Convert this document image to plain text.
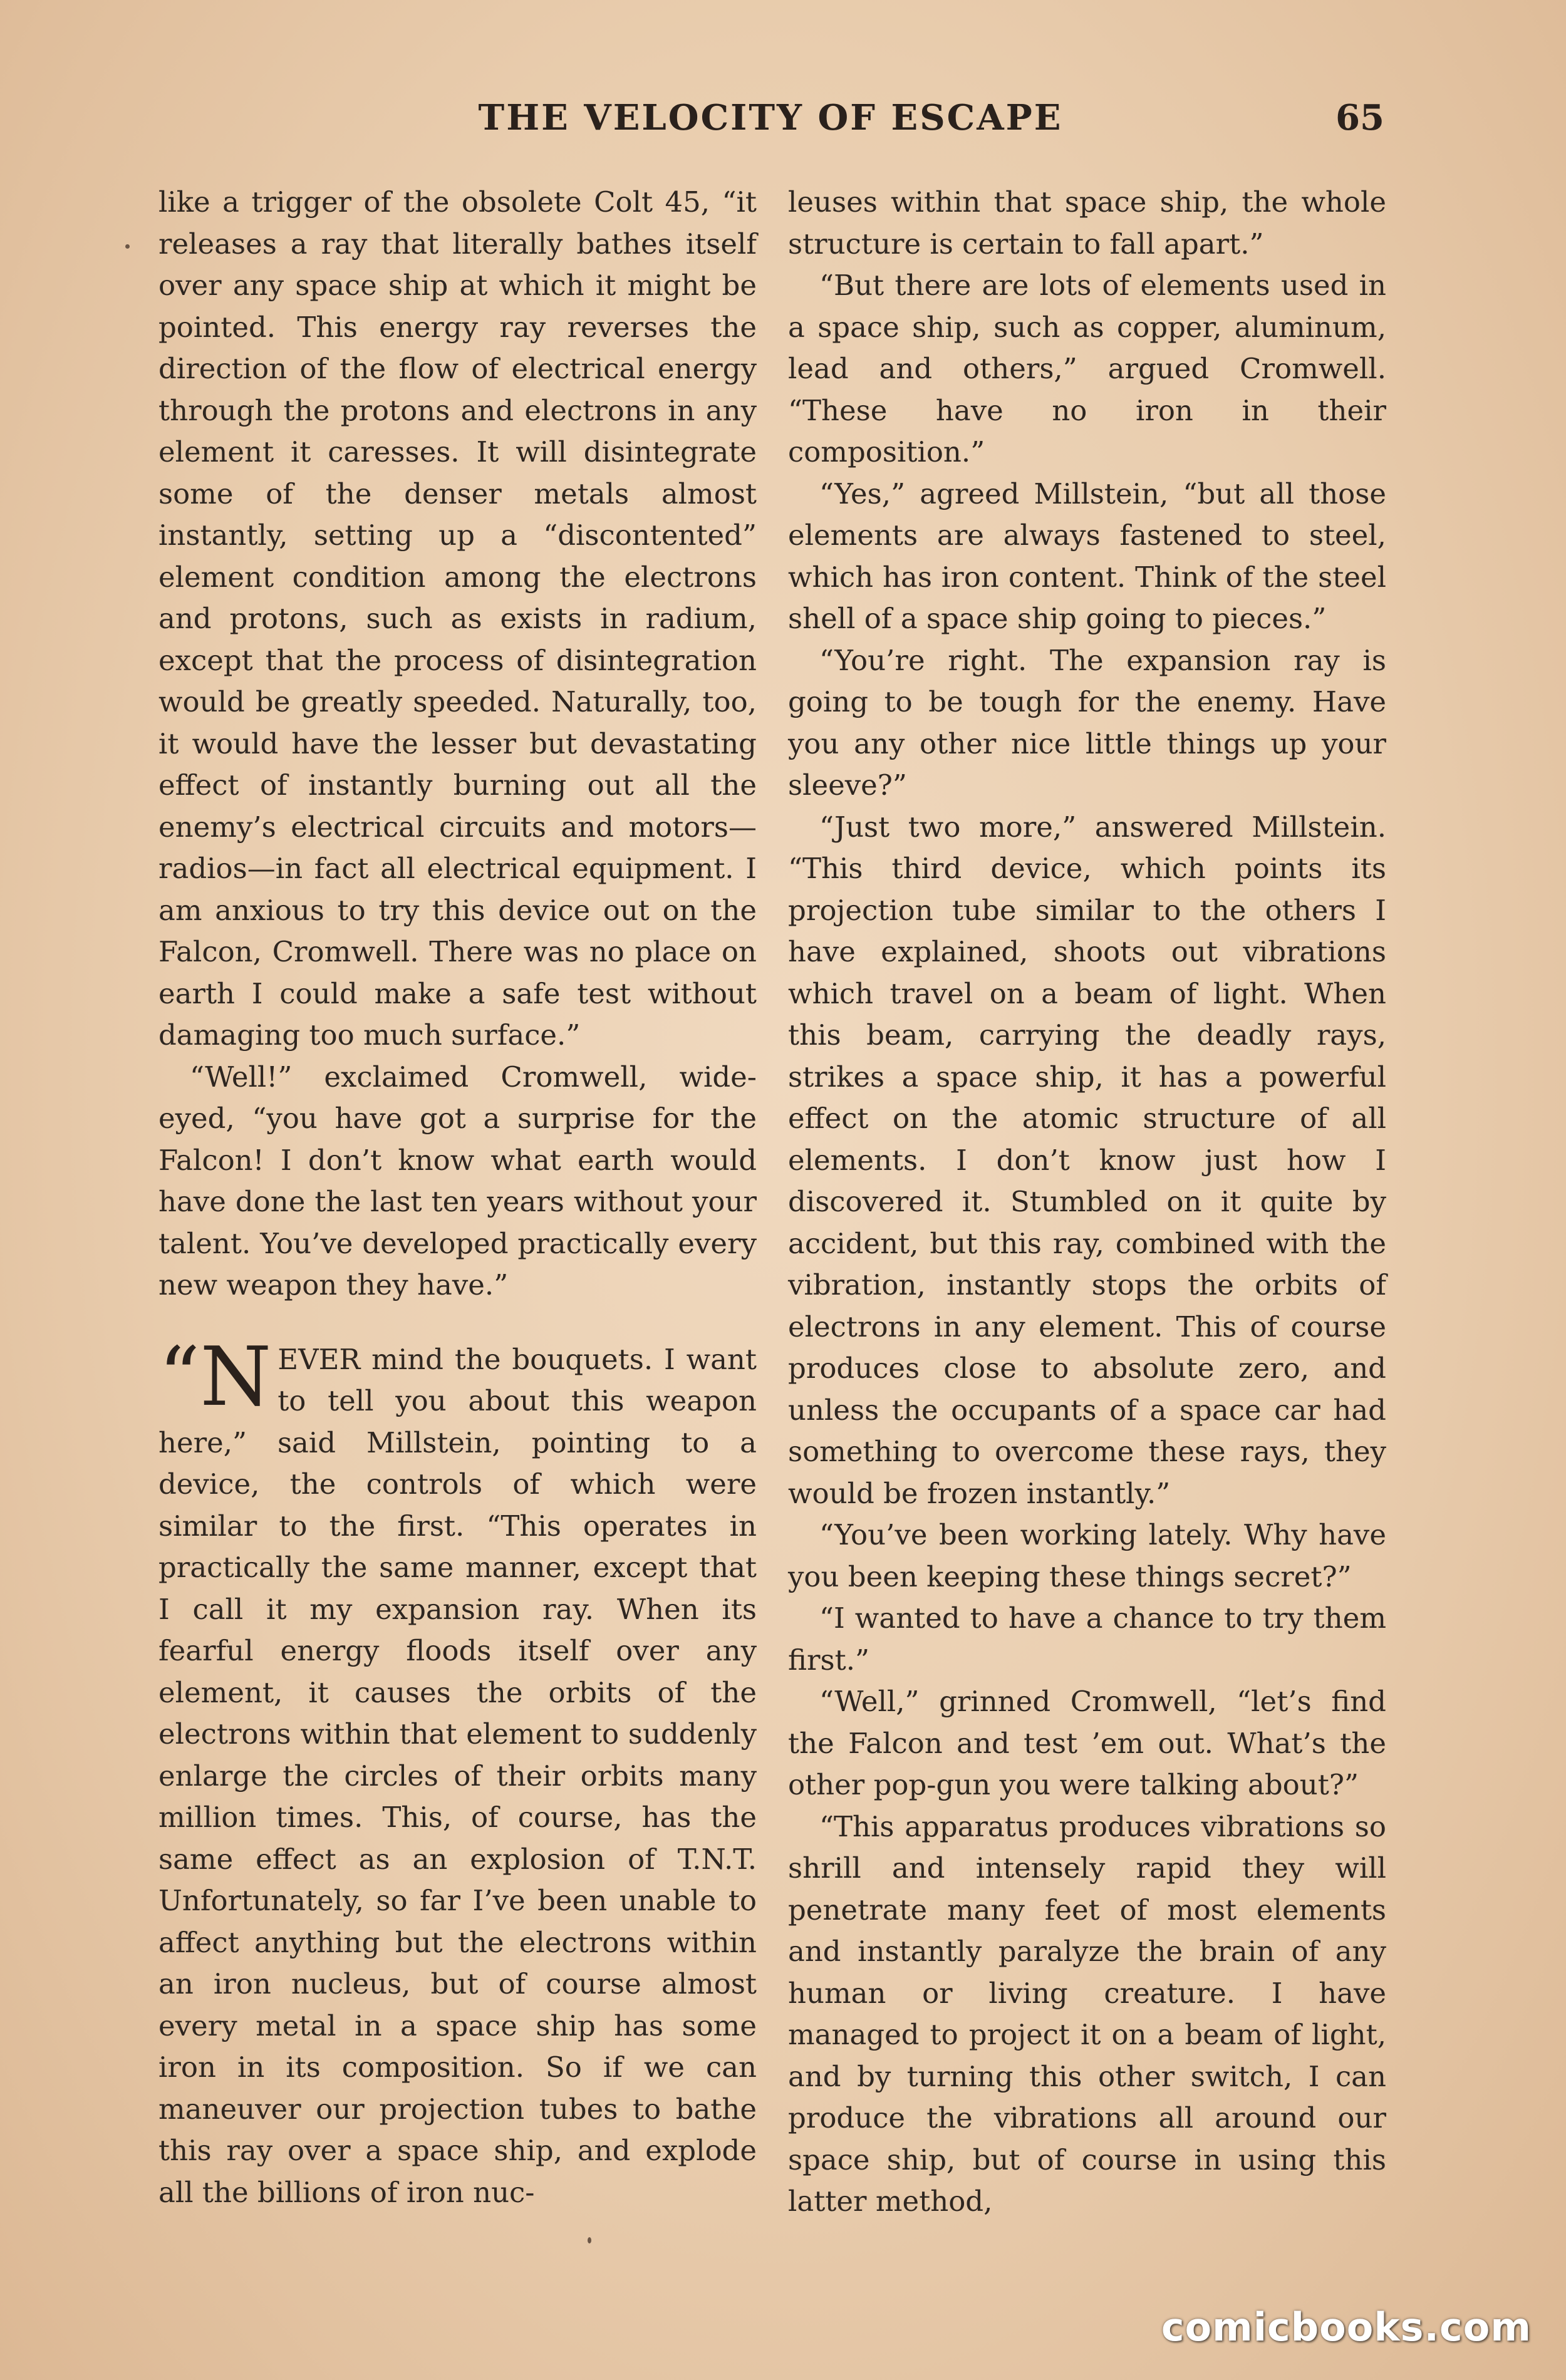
THE VELOCITY OF ESCAPE	65

like a trigger of the obsolete Colt 45, “it releases a ray that literally bathes itself over any space ship at which it might be pointed. This energy ray reverses the direction of the flow of electrical energy through the protons and electrons in any element it caresses. It will disintegrate some of the denser metals almost instantly, setting up a “discontented” element condition among the electrons and protons, such as exists in radium, except that the process of disintegration would be greatly speeded. Naturally, too, it would have the lesser but devastating effect of instantly burning out all the enemy’s electrical circuits and motors—radios—in fact all electrical equipment. I am anxious to try this device out on the Falcon, Cromwell. There was no place on earth I could make a safe test without damaging too much surface.”

“Well!” exclaimed Cromwell, wide-eyed, “you have got a surprise for the Falcon! I don’t know what earth would have done the last ten years without your talent. You’ve developed practically every new weapon they have.”

“NEVER mind the bouquets. I want to tell you about this weapon here,” said Millstein, pointing to a device, the controls of which were similar to the first. “This operates in practically the same manner, except that I call it my expansion ray. When its fearful energy floods itself over any element, it causes the orbits of the electrons within that element to suddenly enlarge the circles of their orbits many million times. This, of course, has the same effect as an explosion of T.N.T. Unfortunately, so far I’ve been unable to affect anything but the electrons within an iron nucleus, but of course almost every metal in a space ship has some iron in its composition. So if we can maneuver our projection tubes to bathe this ray over a space ship, and explode all the billions of iron nuc-

leuses within that space ship, the whole structure is certain to fall apart.”

“But there are lots of elements used in a space ship, such as copper, aluminum, lead and others,” argued Cromwell. “These have no iron in their composition.”

“Yes,” agreed Millstein, “but all those elements are always fastened to steel, which has iron content. Think of the steel shell of a space ship going to pieces.”

“You’re right. The expansion ray is going to be tough for the enemy. Have you any other nice little things up your sleeve?”

“Just two more,” answered Millstein. “This third device, which points its projection tube similar to the others I have explained, shoots out vibrations which travel on a beam of light. When this beam, carrying the deadly rays, strikes a space ship, it has a powerful effect on the atomic structure of all elements. I don’t know just how I discovered it. Stumbled on it quite by accident, but this ray, combined with the vibration, instantly stops the orbits of electrons in any element. This of course produces close to absolute zero, and unless the occupants of a space car had something to overcome these rays, they would be frozen instantly.”

“You’ve been working lately. Why have you been keeping these things secret?”

“I wanted to have a chance to try them first.”

“Well,” grinned Cromwell, “let’s find the Falcon and test ’em out. What’s the other pop-gun you were talking about?”

“This apparatus produces vibrations so shrill and intensely rapid they will penetrate many feet of most elements and instantly paralyze the brain of any human or living creature. I have managed to project it on a beam of light, and by turning this other switch, I can produce the vibrations all around our space ship, but of course in using this latter method,

comicbooks.com
